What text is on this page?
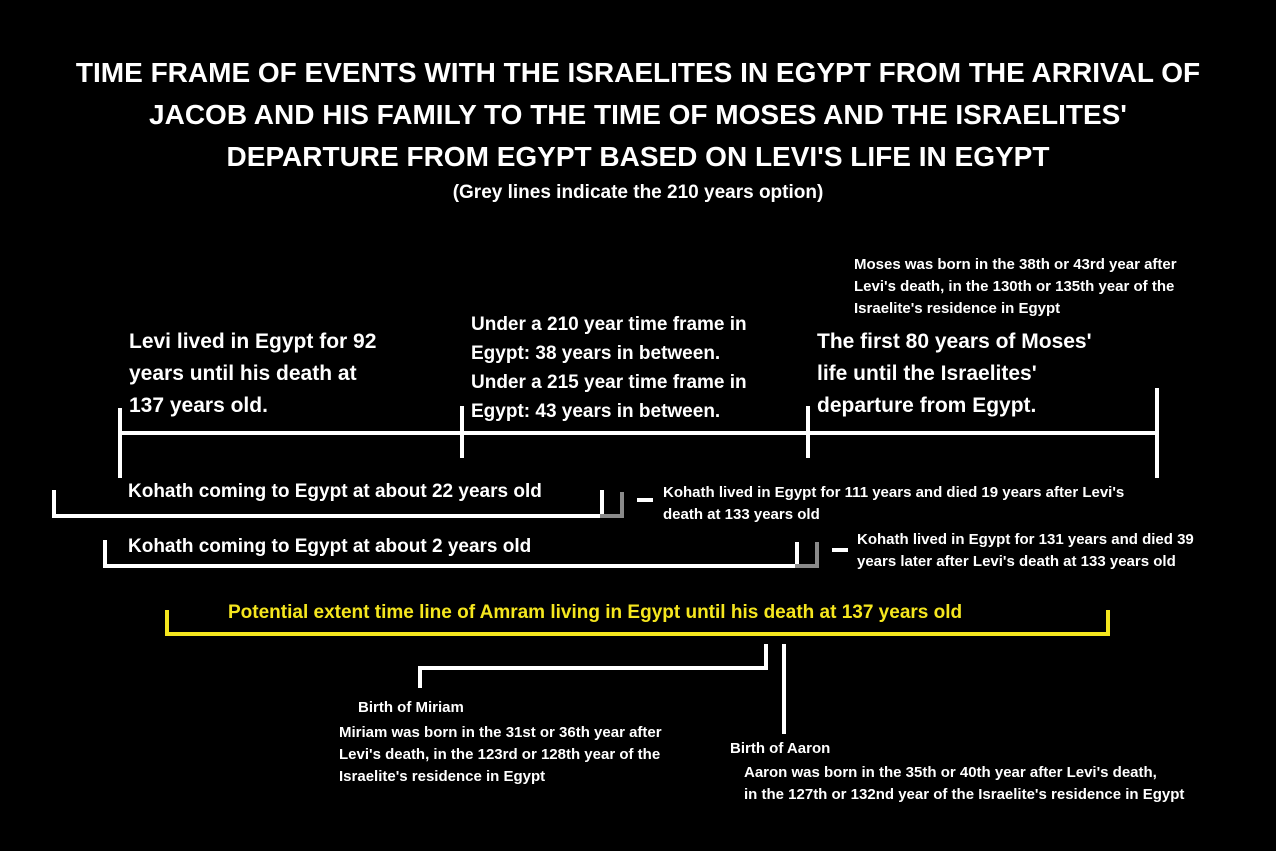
TIME FRAME OF EVENTS WITH THE ISRAELITES IN EGYPT FROM THE ARRIVAL OF
JACOB AND HIS FAMILY TO THE TIME OF MOSES AND THE ISRAELITES'
DEPARTURE FROM EGYPT BASED ON LEVI'S LIFE IN EGYPT
(Grey lines indicate the 210 years option)
Moses was born in the 38th or 43rd year after
Levi's death, in the 130th or 135th year of the
Israelite's residence in Egypt
Levi lived in Egypt for 92
years until his death at
137 years old.
Under a 210 year time frame in
Egypt: 38 years in between.
Under a 215 year time frame in
Egypt: 43 years in between.
The first 80 years of Moses'
life until the Israelites'
departure from Egypt.
Kohath coming to Egypt at about 22 years old	Kohath lived in Egypt for 111 years and died 19 years after Levi's
death at 133 years old
Kohath coming to Egypt at about 2 years old	Kohath lived in Egypt for 131 years and died 39
years later after Levi's death at 133 years old
Potential extent time line of Amram living in Egypt until his death at 137 years old
Birth of Miriam
Miriam was born in the 31st or 36th year after
Levi's death, in the 123rd or 128th year of the
Israelite's residence in Egypt
Birth of Aaron
Aaron was born in the 35th or 40th year after Levi's death,
in the 127th or 132nd year of the Israelite's residence in Egypt
